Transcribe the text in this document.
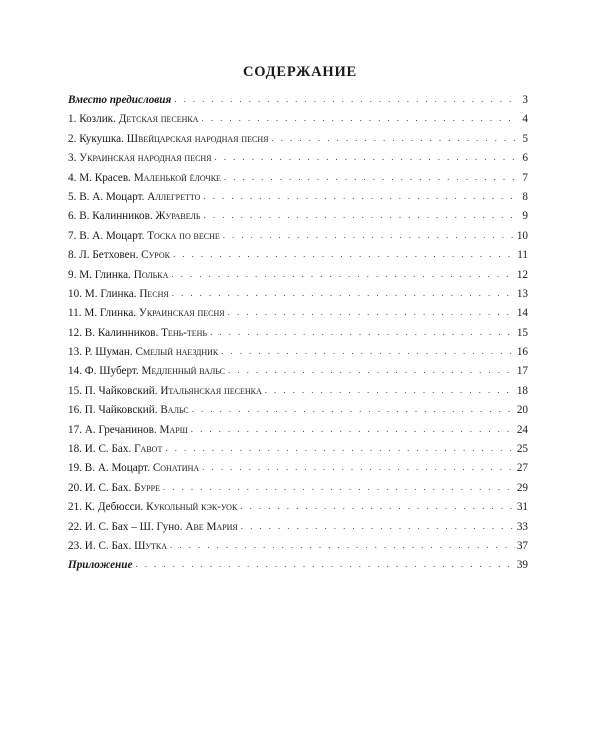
СОДЕРЖАНИЕ
Вместо предисловия . . .	3
1. Козлик. Детская песенка . . .	4
2. Кукушка. Швейцарская народная песня . . .	5
3. Украинская народная песня . . .	6
4. М. Красев. Маленькой ёлочке . . .	7
5. В. А. Моцарт. Аллегретто . . .	8
6. В. Калинников. Журавель . . .	9
7. В. А. Моцарт. Тоска по весне . . .	10
8. Л. Бетховен. Сурок . . .	11
9. М. Глинка. Полька . . .	12
10. М. Глинка. Песня . . .	13
11. М. Глинка. Украинская песня . . .	14
12. В. Калинников. Тень-тень . . .	15
13. Р. Шуман. Смелый наездник . . .	16
14. Ф. Шуберт. Медленный вальс . . .	17
15. П. Чайковский. Итальянская песенка . . .	18
16. П. Чайковский. Вальс . . .	20
17. А. Гречанинов. Марш . . .	24
18. И. С. Бах. Гавот . . .	25
19. В. А. Моцарт. Сонатина . . .	27
20. И. С. Бах. Бурре . . .	29
21. К. Дебюсси. Кукольный кэк-уок . . .	31
22. И. С. Бах – Ш. Гуно. Аве Мария . . .	33
23. И. С. Бах. Шутка . . .	37
Приложение . . .	39
